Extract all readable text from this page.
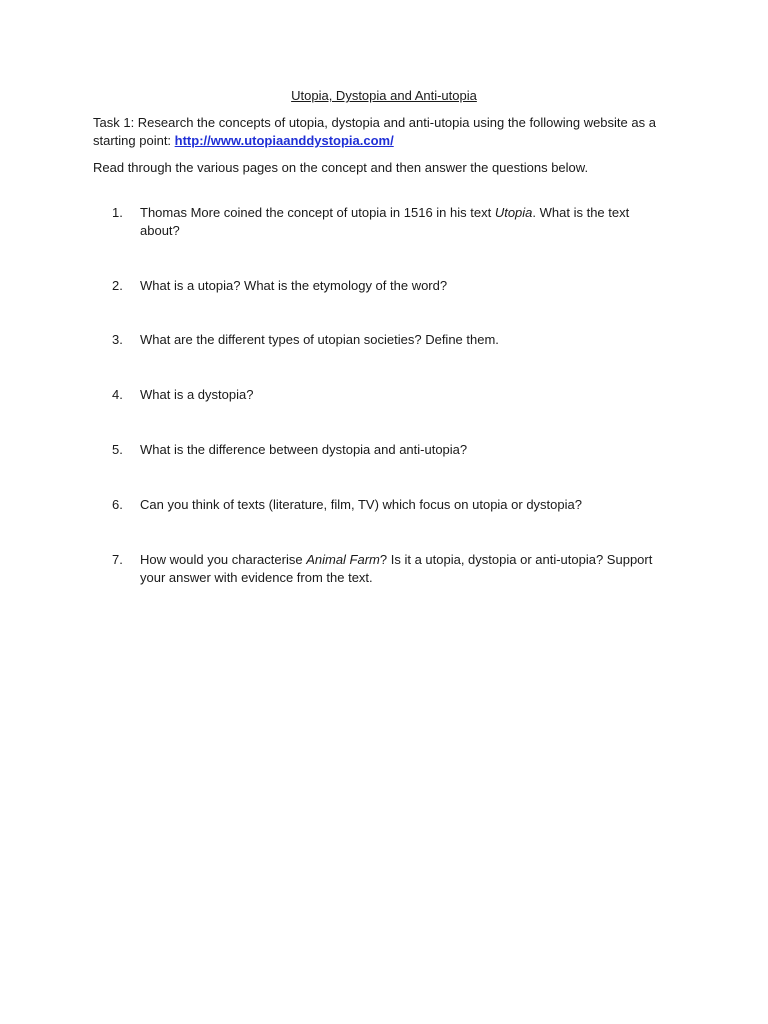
Utopia, Dystopia and Anti-utopia
Task 1: Research the concepts of utopia, dystopia and anti-utopia using the following website as a starting point: http://www.utopiaanddystopia.com/
Read through the various pages on the concept and then answer the questions below.
1.	Thomas More coined the concept of utopia in 1516 in his text Utopia. What is the text about?
2.	What is a utopia? What is the etymology of the word?
3.	What are the different types of utopian societies? Define them.
4.	What is a dystopia?
5.	What is the difference between dystopia and anti-utopia?
6.	Can you think of texts (literature, film, TV) which focus on utopia or dystopia?
7.	How would you characterise Animal Farm? Is it a utopia, dystopia or anti-utopia? Support your answer with evidence from the text.
